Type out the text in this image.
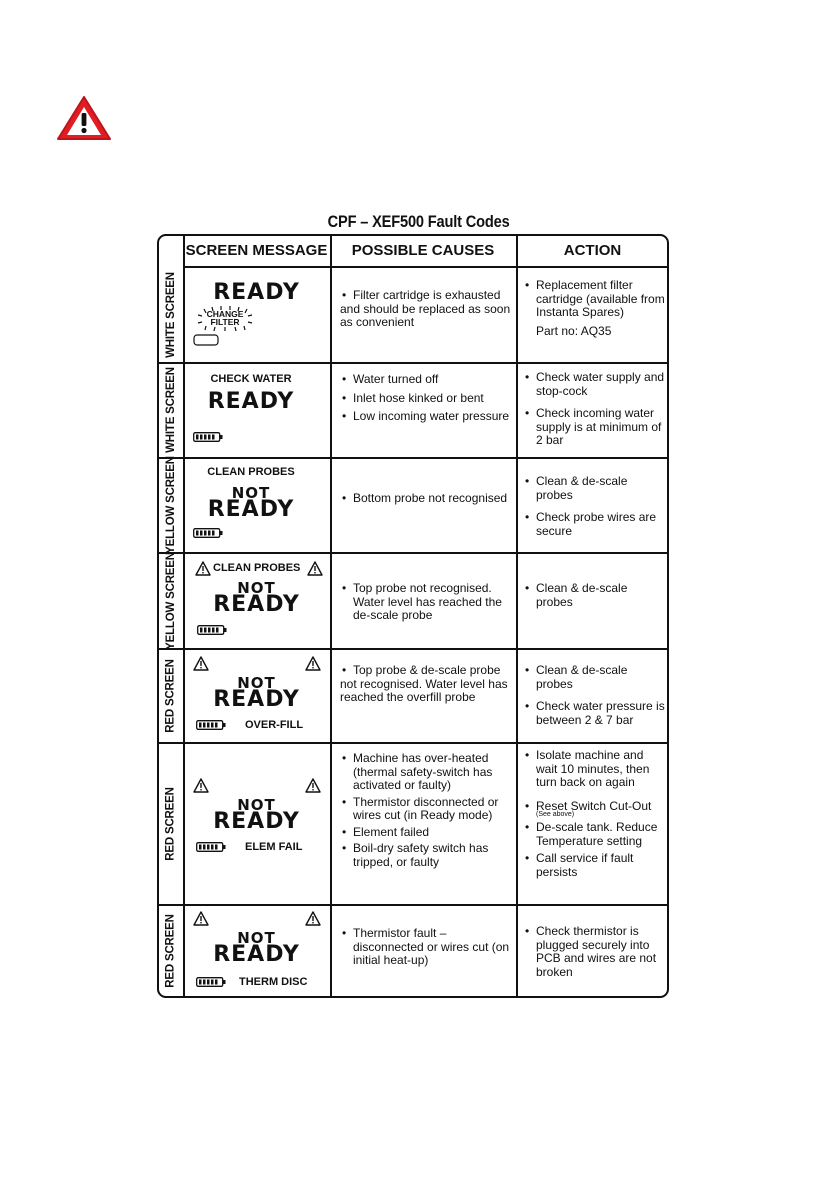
CPF – XEF500 Fault Codes
SCREEN MESSAGE	POSSIBLE CAUSES	ACTION
WHITE SCREEN	READY
CHANGE
FILTER
• Filter cartridge is exhausted and should be replaced as soon as convenient
• Replacement filter cartridge (available from Instanta Spares)
Part no: AQ35
WHITE SCREEN	CHECK WATER
READY
• Water turned off
• Inlet hose kinked or bent
• Low incoming water pressure
• Check water supply and stop-cock
• Check incoming water supply is at minimum of 2 bar
YELLOW SCREEN	CLEAN PROBES
NOT
READY
•	Bottom probe not recognised
• Clean & de-scale probes
• Check probe wires are secure
YELLOW SCREEN	CLEAN PROBES
NOT
READY
• Top probe not recognised. Water level has reached the de-scale probe
• Clean & de-scale probes
RED SCREEN	NOT
READY
OVER-FILL
• Top probe & de-scale probe not recognised. Water level has reached the overfill probe
• Clean & de-scale probes
• Check water pressure is between 2 & 7 bar
RED SCREEN	NOT
READY
ELEM FAIL
• Machine has over-heated (thermal safety-switch has activated or faulty)
• Thermistor disconnected or wires cut (in Ready mode)
• Element failed
• Boil-dry safety switch has tripped, or faulty
• Isolate machine and wait 10 minutes, then turn back on again
• Reset Switch Cut-Out
(See above)
• De-scale tank. Reduce Temperature setting
• Call service if fault persists
RED SCREEN	NOT
READY
THERM DISC
• Thermistor fault – disconnected or wires cut (on initial heat-up)
• Check thermistor is plugged securely into PCB and wires are not broken
